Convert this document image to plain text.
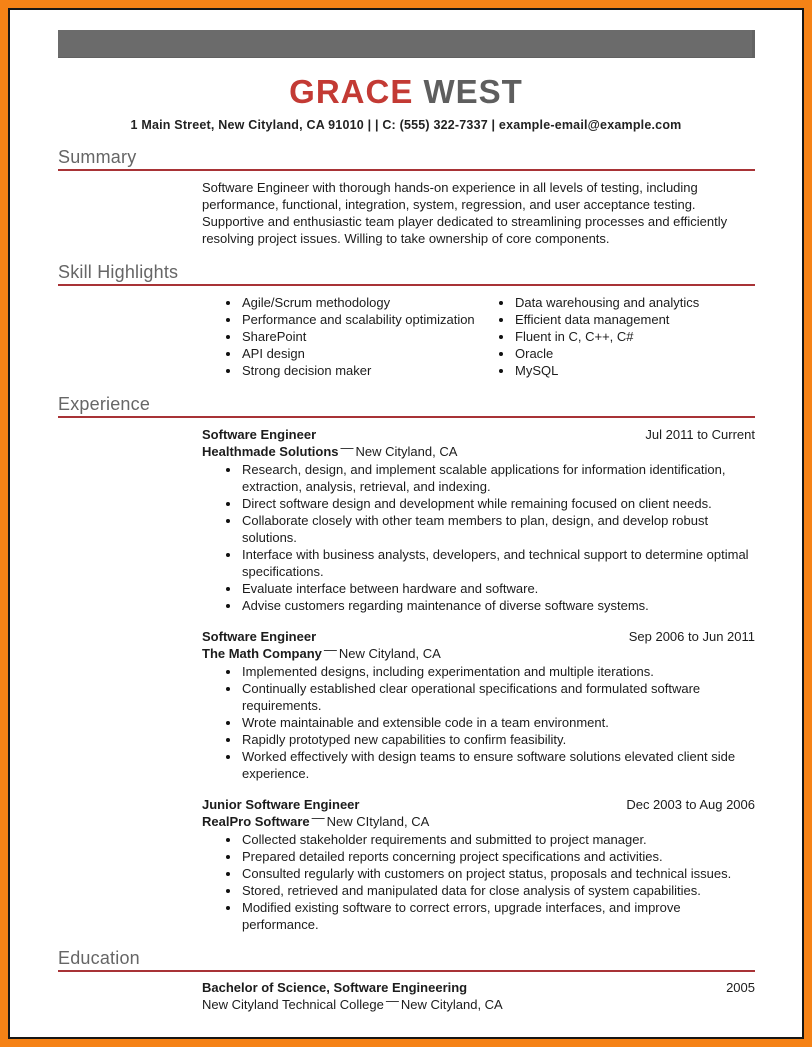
GRACE WEST
1 Main Street, New Cityland, CA 91010 | | C: (555) 322-7337 | example-email@example.com
Summary

Software Engineer with thorough hands-on experience in all levels of testing, including performance, functional, integration, system, regression, and user acceptance testing. Supportive and enthusiastic team player dedicated to streamlining processes and efficiently resolving project issues. Willing to take ownership of core components.

Skill Highlights
Agile/Scrum methodology
Performance and scalability optimization
SharePoint
API design
Strong decision maker
Data warehousing and analytics
Efficient data management
Fluent in C, C++, C#
Oracle
MySQL
Experience
Software Engineer	Jul 2011 to Current
Healthmade Solutions — New Cityland, CA
Research, design, and implement scalable applications for information identification, extraction, analysis, retrieval, and indexing.
Direct software design and development while remaining focused on client needs.
Collaborate closely with other team members to plan, design, and develop robust solutions.
Interface with business analysts, developers, and technical support to determine optimal specifications.
Evaluate interface between hardware and software.
Advise customers regarding maintenance of diverse software systems.
Software Engineer	Sep 2006 to Jun 2011
The Math Company — New Cityland, CA
Implemented designs, including experimentation and multiple iterations.
Continually established clear operational specifications and formulated software requirements.
Wrote maintainable and extensible code in a team environment.
Rapidly prototyped new capabilities to confirm feasibility.
Worked effectively with design teams to ensure software solutions elevated client side experience.
Junior Software Engineer	Dec 2003 to Aug 2006
RealPro Software — New CItyland, CA
Collected stakeholder requirements and submitted to project manager.
Prepared detailed reports concerning project specifications and activities.
Consulted regularly with customers on project status, proposals and technical issues.
Stored, retrieved and manipulated data for close analysis of system capabilities.
Modified existing software to correct errors, upgrade interfaces, and improve performance.
Education
Bachelor of Science, Software Engineering	2005
New Cityland Technical College — New Cityland, CA
